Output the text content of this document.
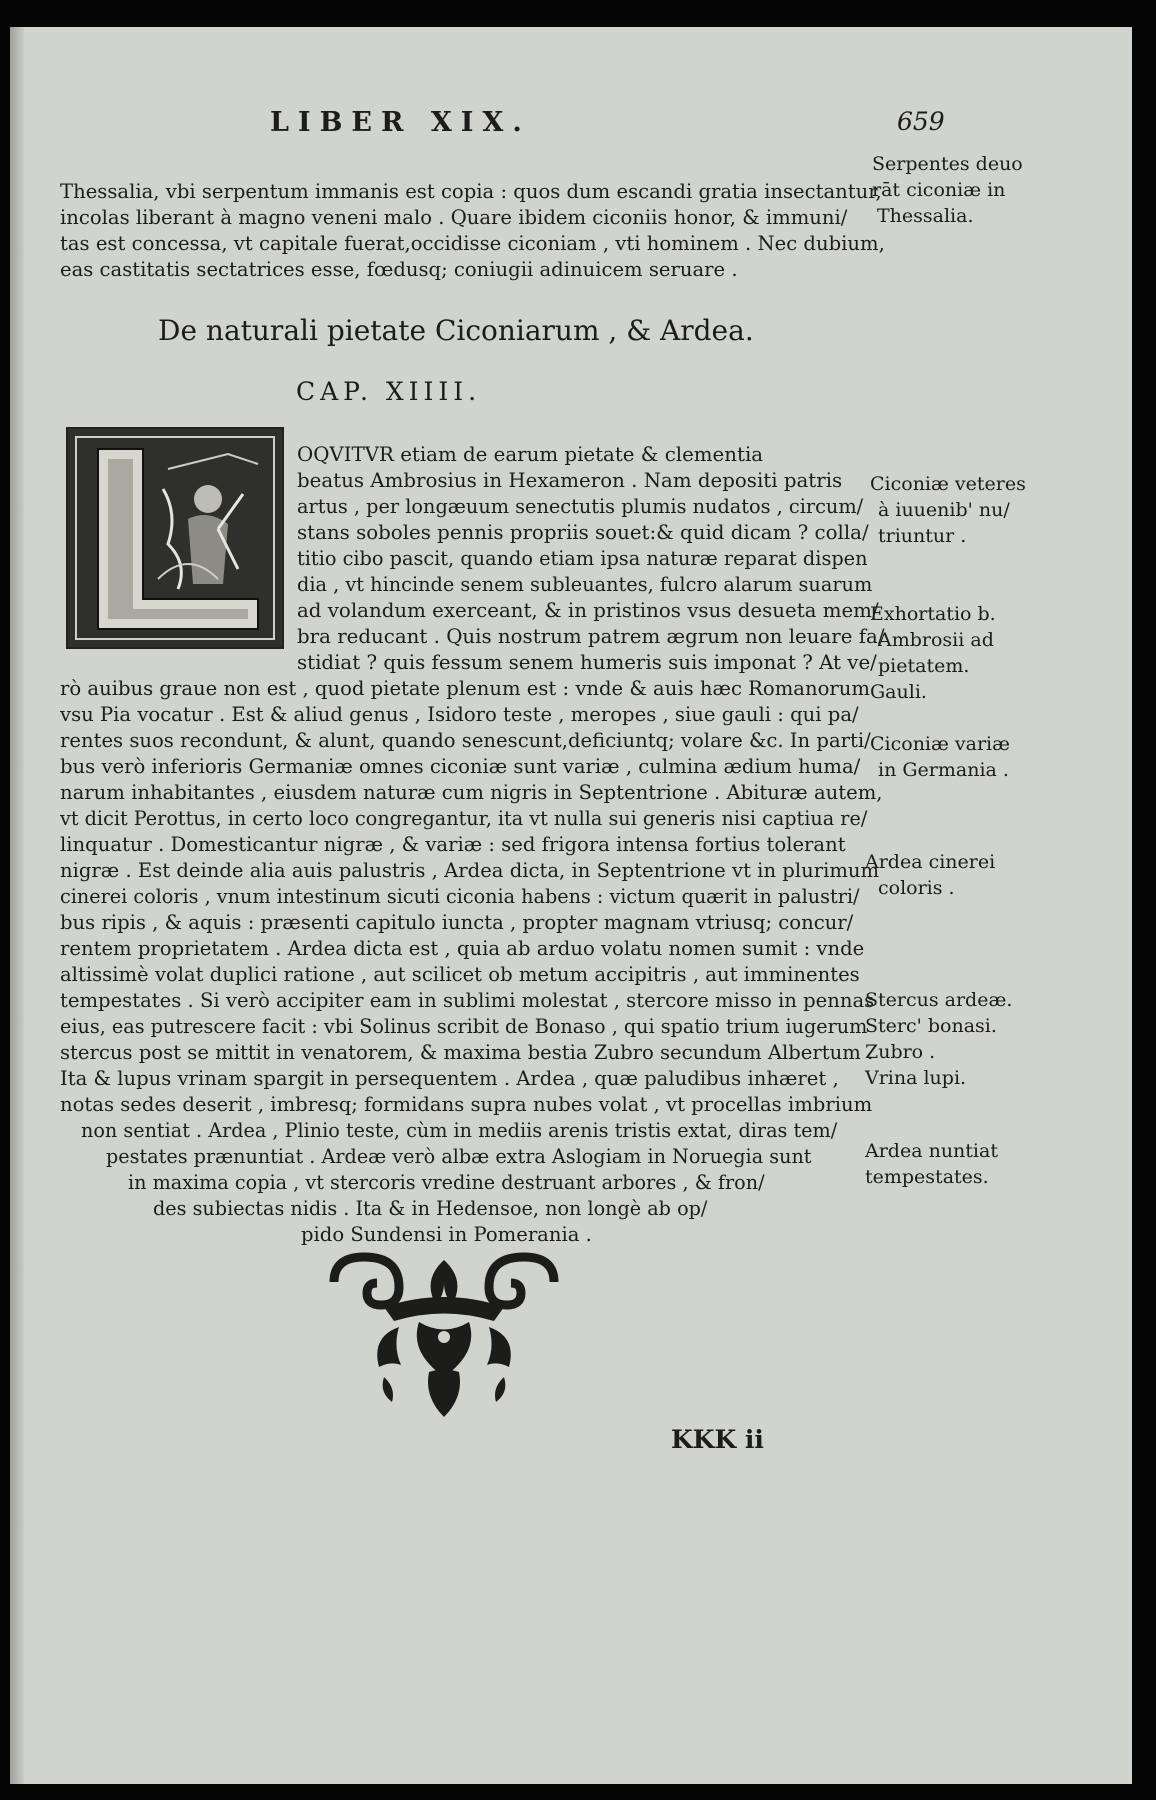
LIBER XIX.	659
Thessalia, vbi serpentum immanis est copia : quos dum escandi gratia insectantur,
incolas liberant à magno veneni malo . Quare ibidem ciconiis honor, & immuni/
tas est concessa, vt capitale fuerat,occidisse ciconiam , vti hominem . Nec dubium,
eas castitatis sectatrices esse, fœdusq; coniugii adinuicem seruare .
De naturali pietate Ciconiarum , & Ardea.
CAP. XIIII.
OQVITVR etiam de earum pietate & clementia
beatus Ambrosius in Hexameron . Nam depositi patris
artus , per longæuum senectutis plumis nudatos , circum/
stans soboles pennis propriis souet:& quid dicam ? colla/
titio cibo pascit, quando etiam ipsa naturæ reparat dispen
dia , vt hincinde senem subleuantes, fulcro alarum suarum
ad volandum exerceant, & in pristinos vsus desueta mem/
bra reducant . Quis nostrum patrem ægrum non leuare fa/
stidiat ? quis fessum senem humeris suis imponat ? At ve/
rò auibus graue non est , quod pietate plenum est : vnde & auis hæc Romanorum
vsu Pia vocatur . Est & aliud genus , Isidoro teste , meropes , siue gauli : qui pa/
rentes suos recondunt, & alunt, quando senescunt,deficiuntq; volare &c. In parti/
bus verò inferioris Germaniæ omnes ciconiæ sunt variæ , culmina ædium huma/
narum inhabitantes , eiusdem naturæ cum nigris in Septentrione . Abituræ autem,
vt dicit Perottus, in certo loco congregantur, ita vt nulla sui generis nisi captiua re/
linquatur . Domesticantur nigræ , & variæ : sed frigora intensa fortius tolerant
nigræ . Est deinde alia auis palustris , Ardea dicta, in Septentrione vt in plurimum
cinerei coloris , vnum intestinum sicuti ciconia habens : victum quærit in palustri/
bus ripis , & aquis : præsenti capitulo iuncta , propter magnam vtriusq; concur/
rentem proprietatem . Ardea dicta est , quia ab arduo volatu nomen sumit : vnde
altissimè volat duplici ratione , aut scilicet ob metum accipitris , aut imminentes
tempestates . Si verò accipiter eam in sublimi molestat , stercore misso in pennas
eius, eas putrescere facit : vbi Solinus scribit de Bonaso , qui spatio trium iugerum
stercus post se mittit in venatorem, & maxima bestia Zubro secundum Albertum .
Ita & lupus vrinam spargit in persequentem . Ardea , quæ paludibus inhæret ,
notas sedes deserit , imbresq; formidans supra nubes volat , vt procellas imbrium
non sentiat . Ardea , Plinio teste, cùm in mediis arenis tristis extat, diras tem/
pestates prænuntiat . Ardeæ verò albæ extra Aslogiam in Noruegia sunt
in maxima copia , vt stercoris vredine destruant arbores , & fron/
des subiectas nidis . Ita & in Hedensoe, non longè ab op/
pido Sundensi in Pomerania .
Serpentes deuo
rāt ciconiæ in
Thessalia.
Ciconiæ veteres
à iuuenib' nu/
triuntur .
Exhortatio b.
Ambrosii ad
pietatem.
Gauli.
Ciconiæ variæ
in Germania .
Ardea cinerei
coloris .
Stercus ardeæ.
Sterc' bonasi.
Zubro .
Vrina lupi.
Ardea nuntiat
tempestates.
KKK ii
